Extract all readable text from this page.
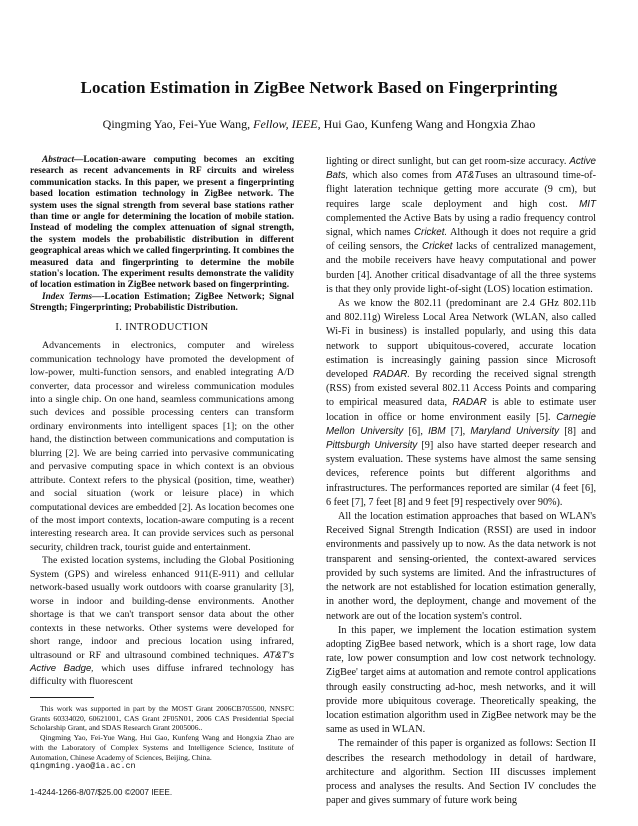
Location Estimation in ZigBee Network Based on Fingerprinting
Qingming Yao, Fei-Yue Wang, Fellow, IEEE, Hui Gao, Kunfeng Wang and Hongxia Zhao

Abstract—Location-aware computing becomes an exciting research as recent advancements in RF circuits and wireless communication stacks. In this paper, we present a fingerprinting based location estimation technology in ZigBee network. The system uses the signal strength from several base stations rather than time or angle for determining the location of mobile station. Instead of modeling the complex attenuation of signal strength, the system models the probabilistic distribution in different geographical areas which we called fingerprinting. It combines the measured data and fingerprinting to determine the mobile station's location. The experiment results demonstrate the validity of location estimation in ZigBee network based on fingerprinting.

Index Terms—-Location Estimation; ZigBee Network; Signal Strength; Fingerprinting; Probabilistic Distribution.

I. INTRODUCTION

Advancements in electronics, computer and wireless communication technology have promoted the development of low-power, multi-function sensors, and enabled integrating A/D converter, data processor and wireless communication modules into a single chip. On one hand, seamless communications among such devices and possible processing centers can transform ordinary environments into intelligent spaces [1]; on the other hand, the distinction between communications and computation is blurring [2]. We are being carried into pervasive communicating and pervasive computing space in which context is an obvious attribute. Context refers to the physical (position, time, weather) and social situation (work or leisure place) in which computational devices are embedded [2]. As location becomes one of the most import contexts, location-aware computing is a recent interesting research area. It can provide services such as personal security, children track, tourist guide and entertainment.

The existed location systems, including the Global Positioning System (GPS) and wireless enhanced 911(E-911) and cellular network-based usually work outdoors with coarse granularity [3], worse in indoor and building-dense environments. Another shortage is that we can't transport sensor data about the other contexts in these networks. Other systems were developed for short range, indoor and precious location using infrared, ultrasound or RF and ultrasound combined techniques. AT&T's Active Badge, which uses diffuse infrared technology has difficulty with fluorescent

This work was supported in part by the MOST Grant 2006CB705500, NNSFC Grants 60334020, 60621001, CAS Grant 2F05N01, 2006 CAS Presidential Special Scholarship Grant, and SDAS Research Grant 2005006..

Qingming Yao, Fei-Yue Wang, Hui Gao, Kunfeng Wang and Hongxia Zhao are with the Laboratory of Complex Systems and Intelligence Science, Institute of Automation, Chinese Academy of Sciences, Beijing, China.

qingming.yao@ia.ac.cn

lighting or direct sunlight, but can get room-size accuracy. Active Bats, which also comes from AT&Tuses an ultrasound time-of-flight lateration technique getting more accurate (9 cm), but requires large scale deployment and high cost. MIT complemented the Active Bats by using a radio frequency control signal, which names Cricket. Although it does not require a grid of ceiling sensors, the Cricket lacks of centralized management, and the mobile receivers have heavy computational and power burden [4]. Another critical disadvantage of all the three systems is that they only provide light-of-sight (LOS) location estimation.

As we know the 802.11 (predominant are 2.4 GHz 802.11b and 802.11g) Wireless Local Area Network (WLAN, also called Wi-Fi in business) is installed popularly, and using this data network to support ubiquitous-covered, accurate location estimation is increasingly gaining passion since Microsoft developed RADAR. By recording the received signal strength (RSS) from existed several 802.11 Access Points and comparing to empirical measured data, RADAR is able to estimate user location in office or home environment easily [5]. Carnegie Mellon University [6], IBM [7], Maryland University [8] and Pittsburgh University [9] also have started deeper research and system evaluation. These systems have almost the same sensing devices, reference points but different algorithms and infrastructures. The performances reported are similar (4 feet [6], 6 feet [7], 7 feet [8] and 9 feet [9] respectively over 90%).

All the location estimation approaches that based on WLAN's Received Signal Strength Indication (RSSI) are used in indoor environments and passively up to now. As the data network is not transparent and sensing-oriented, the context-awared services provided by such systems are limited. And the infrastructures of the network are not established for location estimation generally, in another word, the deployment, change and movement of the network are out of the location system's control.

In this paper, we implement the location estimation system adopting ZigBee based network, which is a short rage, low data rate, low power consumption and low cost network technology. ZigBee' target aims at automation and remote control applications through easily constructing ad-hoc, mesh networks, and it will provide more ubiquitous coverage. Theoretically speaking, the location estimation algorithm used in ZigBee network may be the same as used in WLAN.

The remainder of this paper is organized as follows: Section II describes the research methodology in detail of hardware, architecture and algorithm. Section III discusses implement process and analyses the results. And Section IV concludes the paper and gives summary of future work being

1-4244-1266-8/07/$25.00 ©2007 IEEE.
